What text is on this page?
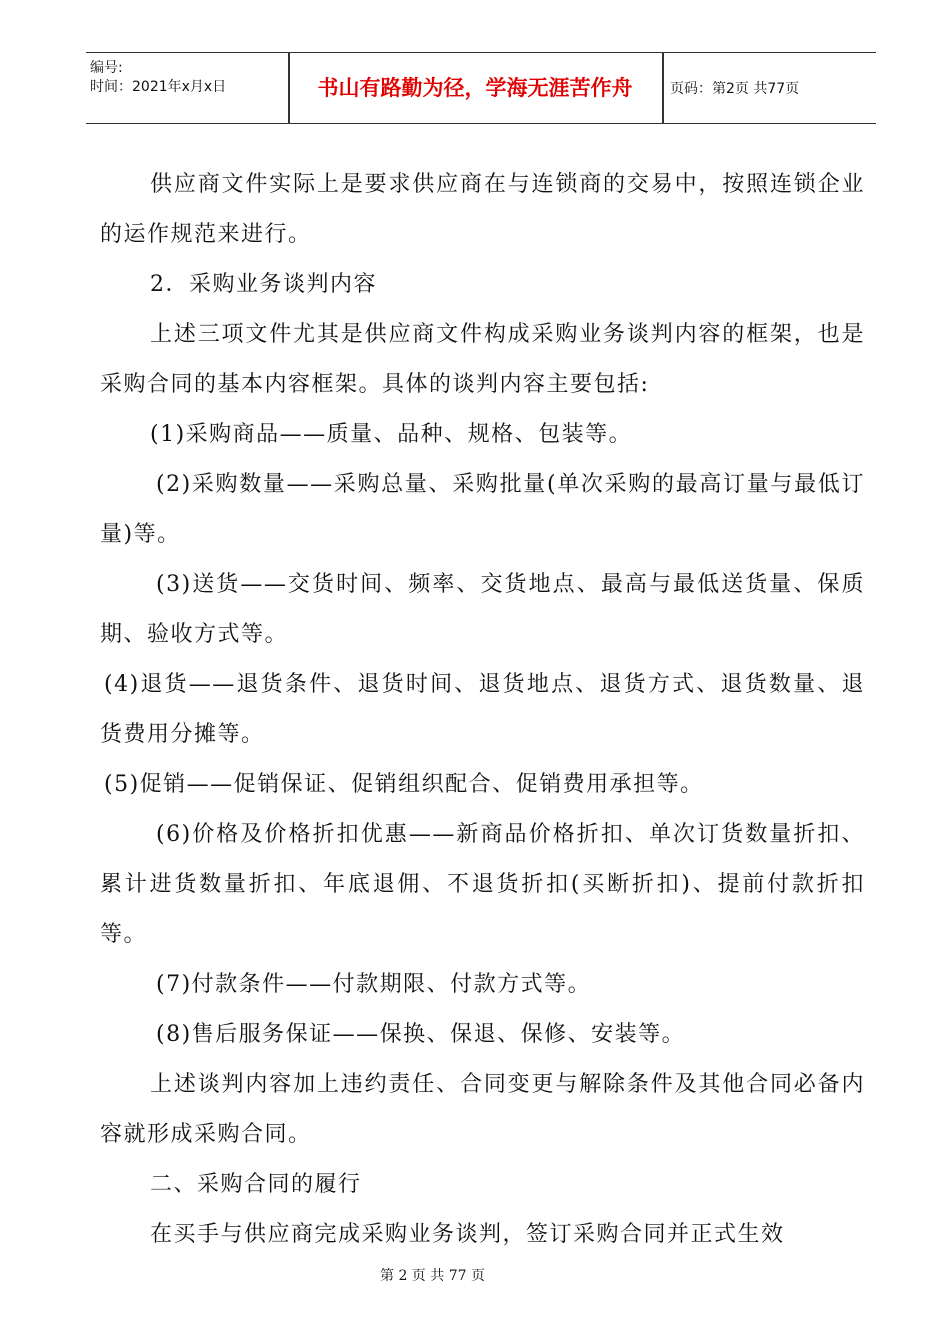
编号:
时间：2021年x月x日	书山有路勤为径，学海无涯苦作舟	页码：第2页 共77页

供应商文件实际上是要求供应商在与连锁商的交易中，按照连锁企业的运作规范来进行。

2．采购业务谈判内容

上述三项文件尤其是供应商文件构成采购业务谈判内容的框架，也是采购合同的基本内容框架。具体的谈判内容主要包括:

(1)采购商品——质量、品种、规格、包装等。

(2)采购数量——采购总量、采购批量(单次采购的最高订量与最低订量)等。

(3)送货——交货时间、频率、交货地点、最高与最低送货量、保质期、验收方式等。

(4)退货——退货条件、退货时间、退货地点、退货方式、退货数量、退货费用分摊等。

(5)促销——促销保证、促销组织配合、促销费用承担等。

(6)价格及价格折扣优惠——新商品价格折扣、单次订货数量折扣、累计进货数量折扣、年底退佣、不退货折扣(买断折扣)、提前付款折扣等。

(7)付款条件——付款期限、付款方式等。

(8)售后服务保证——保换、保退、保修、安装等。

上述谈判内容加上违约责任、合同变更与解除条件及其他合同必备内容就形成采购合同。

二、采购合同的履行

在买手与供应商完成采购业务谈判，签订采购合同并正式生效

第 2 页 共 77 页
